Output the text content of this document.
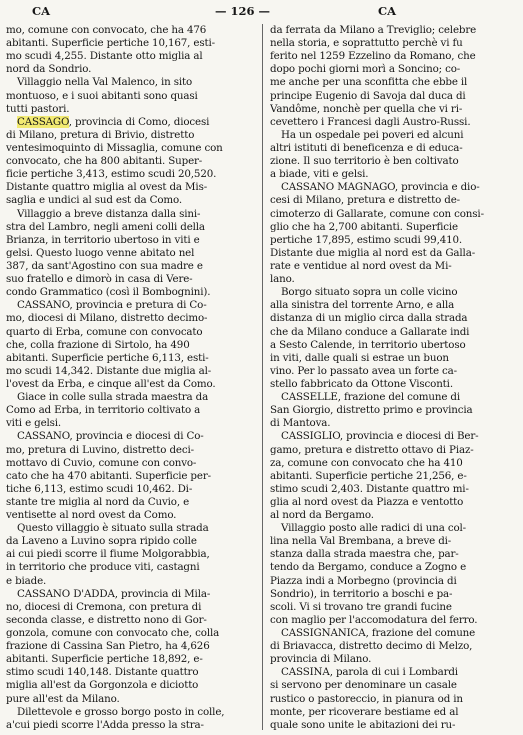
CA	— 126 —	CA
mo, comune con convocato, che ha 476
abitanti. Superficie pertiche 10,167, esti-
mo scudi 4,255. Distante otto miglia al
nord da Sondrio.
Villaggio nella Val Malenco, in sito
montuoso, e i suoi abitanti sono quasi
tutti pastori.
CASSAGO, provincia di Como, diocesi
di Milano, pretura di Brivio, distretto
ventesimoquinto di Missaglia, comune con
convocato, che ha 800 abitanti. Super-
ficie pertiche 3,413, estimo scudi 20,520.
Distante quattro miglia al ovest da Mis-
saglia e undici al sud est da Como.
Villaggio a breve distanza dalla sini-
stra del Lambro, negli ameni colli della
Brianza, in territorio ubertoso in viti e
gelsi. Questo luogo venne abitato nel
387, da sant'Agostino con sua madre e
suo fratello e dimorò in casa di Vere-
condo Grammatico (così il Bombognini).
CASSANO, provincia e pretura di Co-
mo, diocesi di Milano, distretto decimo-
quarto di Erba, comune con convocato
che, colla frazione di Sirtolo, ha 490
abitanti. Superficie pertiche 6,113, esti-
mo scudi 14,342. Distante due miglia al-
l'ovest da Erba, e cinque all'est da Como.
Giace in colle sulla strada maestra da
Como ad Erba, in territorio coltivato a
viti e gelsi.
CASSANO, provincia e diocesi di Co-
mo, pretura di Luvino, distretto deci-
mottavo di Cuvio, comune con convo-
cato che ha 470 abitanti. Superficie per-
tiche 6,113, estimo scudi 10,462. Di-
stante tre miglia al nord da Cuvio, e
ventisette al nord ovest da Como.
Questo villaggio è situato sulla strada
da Laveno a Luvino sopra ripido colle
ai cui piedi scorre il fiume Molgorabbia,
in territorio che produce viti, castagni
e biade.
CASSANO D'ADDA, provincia di Mila-
no, diocesi di Cremona, con pretura di
seconda classe, e distretto nono di Gor-
gonzola, comune con convocato che, colla
frazione di Cassina San Pietro, ha 4,626
abitanti. Superficie pertiche 18,892, e-
stimo scudi 140,148. Distante quattro
miglia all'est da Gorgonzola e diciotto
pure all'est da Milano.
Dilettevole e grosso borgo posto in colle,
a'cui piedi scorre l'Adda presso la stra-
da ferrata da Milano a Treviglio; celebre
nella storia, e soprattutto perchè vi fu
ferito nel 1259 Ezzelino da Romano, che
dopo pochi giorni morì a Soncino; co-
me anche per una sconfitta che ebbe il
principe Eugenio di Savoja dal duca di
Vandôme, nonchè per quella che vi ri-
cevettero i Francesi dagli Austro-Russi.
Ha un ospedale pei poveri ed alcuni
altri istituti di beneficenza e di educa-
zione. Il suo territorio è ben coltivato
a biade, viti e gelsi.
CASSANO MAGNAGO, provincia e dio-
cesi di Milano, pretura e distretto de-
cimoterzo di Gallarate, comune con consi-
glio che ha 2,700 abitanti. Superficie
pertiche 17,895, estimo scudi 99,410.
Distante due miglia al nord est da Galla-
rate e ventidue al nord ovest da Mi-
lano.
Borgo situato sopra un colle vicino
alla sinistra del torrente Arno, e alla
distanza di un miglio circa dalla strada
che da Milano conduce a Gallarate indi
a Sesto Calende, in territorio ubertoso
in viti, dalle quali si estrae un buon
vino. Per lo passato avea un forte ca-
stello fabbricato da Ottone Visconti.
CASSELLE, frazione del comune di
San Giorgio, distretto primo e provincia
di Mantova.
CASSIGLIO, provincia e diocesi di Ber-
gamo, pretura e distretto ottavo di Piaz-
za, comune con convocato che ha 410
abitanti. Superficie pertiche 21,256, e-
stimo scudi 2,403. Distante quattro mi-
glia al nord ovest da Piazza e ventotto
al nord da Bergamo.
Villaggio posto alle radici di una col-
lina nella Val Brembana, a breve di-
stanza dalla strada maestra che, par-
tendo da Bergamo, conduce a Zogno e
Piazza indi a Morbegno (provincia di
Sondrio), in territorio a boschi e pa-
scoli. Vi si trovano tre grandi fucine
con maglio per l'accomodatura del ferro.
CASSIGNANICA, frazione del comune
di Briavacca, distretto decimo di Melzo,
provincia di Milano.
CASSINA, parola di cui i Lombardi
si servono per denominare un casale
rustico o pastoreccio, in pianura od in
monte, per ricoverare bestiame ed al
quale sono unite le abitazioni dei ru-
